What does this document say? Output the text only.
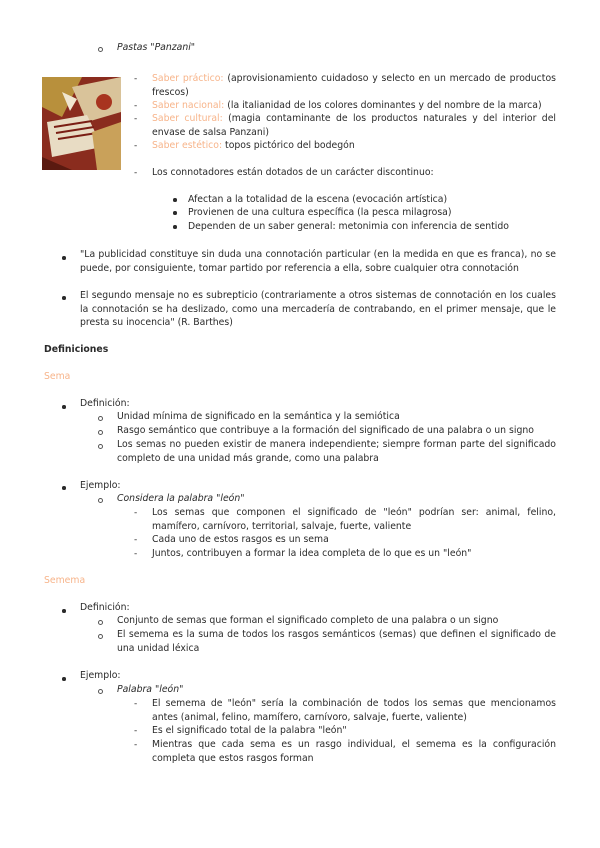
Pastas "Panzani"
- Saber práctico: (aprovisionamiento cuidadoso y selecto en un mercado de productos frescos)
- Saber nacional: (la italianidad de los colores dominantes y del nombre de la marca)
- Saber cultural: (magia contaminante de los productos naturales y del interior del envase de salsa Panzani)
- Saber estético: topos pictórico del bodegón
- Los connotadores están dotados de un carácter discontinuo:
Afectan a la totalidad de la escena (evocación artística)
Provienen de una cultura específica (la pesca milagrosa)
Dependen de un saber general: metonimia con inferencia de sentido
"La publicidad constituye sin duda una connotación particular (en la medida en que es franca), no se puede, por consiguiente, tomar partido por referencia a ella, sobre cualquier otra connotación
El segundo mensaje no es subrepticio (contrariamente a otros sistemas de connotación en los cuales la connotación se ha deslizado, como una mercadería de contrabando, en el primer mensaje, que le presta su inocencia" (R. Barthes)
Definiciones
Sema
Definición:
Unidad mínima de significado en la semántica y la semiótica
Rasgo semántico que contribuye a la formación del significado de una palabra o un signo
Los semas no pueden existir de manera independiente; siempre forman parte del significado completo de una unidad más grande, como una palabra
Ejemplo:
Considera la palabra "león"
- Los semas que componen el significado de "león" podrían ser: animal, felino, mamífero, carnívoro, territorial, salvaje, fuerte, valiente
- Cada uno de estos rasgos es un sema
- Juntos, contribuyen a formar la idea completa de lo que es un "león"
Semema
Definición:
Conjunto de semas que forman el significado completo de una palabra o un signo
El semema es la suma de todos los rasgos semánticos (semas) que definen el significado de una unidad léxica
Ejemplo:
Palabra "león"
- El semema de "león" sería la combinación de todos los semas que mencionamos antes (animal, felino, mamífero, carnívoro, salvaje, fuerte, valiente)
- Es el significado total de la palabra "león"
- Mientras que cada sema es un rasgo individual, el semema es la configuración completa que estos rasgos forman
